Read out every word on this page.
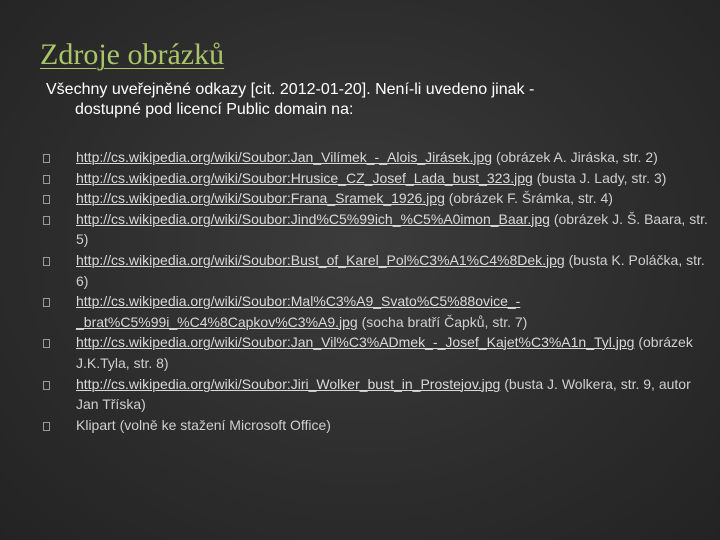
Zdroje obrázků
Všechny uveřejněné odkazy [cit. 2012-01-20]. Není-li uvedeno jinak -
dostupné pod licencí Public domain na:
http://cs.wikipedia.org/wiki/Soubor:Jan_Vilímek_-_Alois_Jirásek.jpg (obrázek A. Jiráska, str. 2)
http://cs.wikipedia.org/wiki/Soubor:Hrusice_CZ_Josef_Lada_bust_323.jpg (busta J. Lady, str. 3)
http://cs.wikipedia.org/wiki/Soubor:Frana_Sramek_1926.jpg (obrázek F. Šrámka, str. 4)
http://cs.wikipedia.org/wiki/Soubor:Jind%C5%99ich_%C5%A0imon_Baar.jpg (obrázek J. Š. Baara, str. 5)
http://cs.wikipedia.org/wiki/Soubor:Bust_of_Karel_Pol%C3%A1%C4%8Dek.jpg (busta K. Poláčka, str. 6)
http://cs.wikipedia.org/wiki/Soubor:Mal%C3%A9_Svato%C5%88ovice_-_brat%C5%99i_%C4%8Capkov%C3%A9.jpg (socha bratří Čapků, str. 7)
http://cs.wikipedia.org/wiki/Soubor:Jan_Vil%C3%ADmek_-_Josef_Kajet%C3%A1n_Tyl.jpg (obrázek J.K.Tyla, str. 8)
http://cs.wikipedia.org/wiki/Soubor:Jiri_Wolker_bust_in_Prostejov.jpg (busta J. Wolkera, str. 9, autor Jan Tříska)
Klipart (volně ke stažení Microsoft Office)
